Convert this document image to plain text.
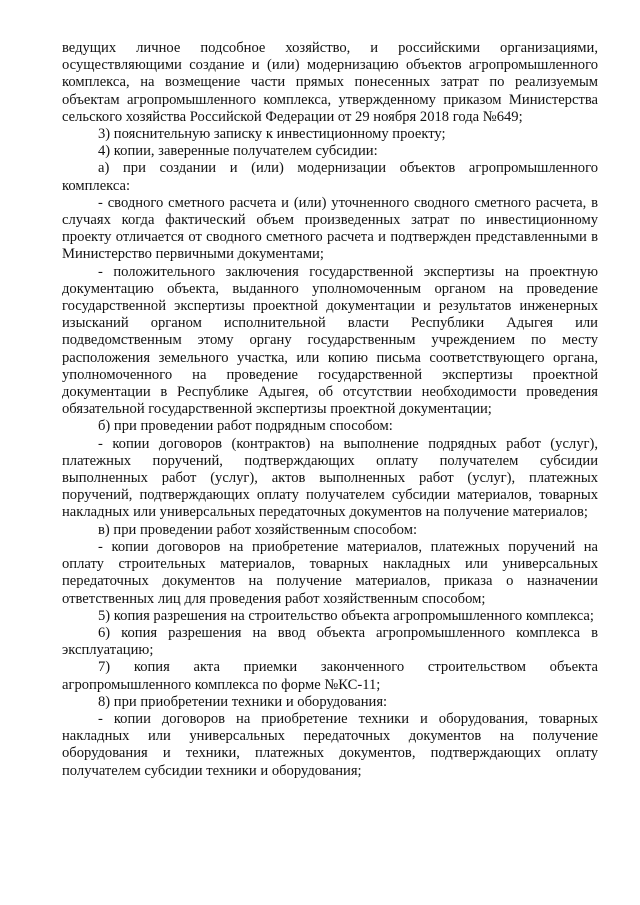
ведущих личное подсобное хозяйство, и российскими организациями, осуществляющими создание и (или) модернизацию объектов агропромышленного комплекса, на возмещение части прямых понесенных затрат по реализуемым объектам агропромышленного комплекса, утвержденному приказом Министерства сельского хозяйства Российской Федерации от 29 ноября 2018 года №649;

3) пояснительную записку к инвестиционному проекту;

4) копии, заверенные получателем субсидии:

а) при создании и (или) модернизации объектов агропромышленного комплекса:

- сводного сметного расчета и (или) уточненного сводного сметного расчета, в случаях когда фактический объем произведенных затрат по инвестиционному проекту отличается от сводного сметного расчета и подтвержден представленными в Министерство первичными документами;

- положительного заключения государственной экспертизы на проектную документацию объекта, выданного уполномоченным органом на проведение государственной экспертизы проектной документации и результатов инженерных изысканий органом исполнительной власти Республики Адыгея или подведомственным этому органу государственным учреждением по месту расположения земельного участка, или копию письма соответствующего органа, уполномоченного на проведение государственной экспертизы проектной документации в Республике Адыгея, об отсутствии необходимости проведения обязательной государственной экспертизы проектной документации;

б) при проведении работ подрядным способом:

- копии договоров (контрактов) на выполнение подрядных работ (услуг), платежных поручений, подтверждающих оплату получателем субсидии выполненных работ (услуг), актов выполненных работ (услуг), платежных поручений, подтверждающих оплату получателем субсидии материалов, товарных накладных или универсальных передаточных документов на получение материалов;

в) при проведении работ хозяйственным способом:

- копии договоров на приобретение материалов, платежных поручений на оплату строительных материалов, товарных накладных или универсальных передаточных документов на получение материалов, приказа о назначении ответственных лиц для проведения работ хозяйственным способом;

5) копия разрешения на строительство объекта агропромышленного комплекса;

6) копия разрешения на ввод объекта агропромышленного комплекса в эксплуатацию;

7) копия акта приемки законченного строительством объекта агропромышленного комплекса по форме №КС-11;

8) при приобретении техники и оборудования:

- копии договоров на приобретение техники и оборудования, товарных накладных или универсальных передаточных документов на получение оборудования и техники, платежных документов, подтверждающих оплату получателем субсидии техники и оборудования;
